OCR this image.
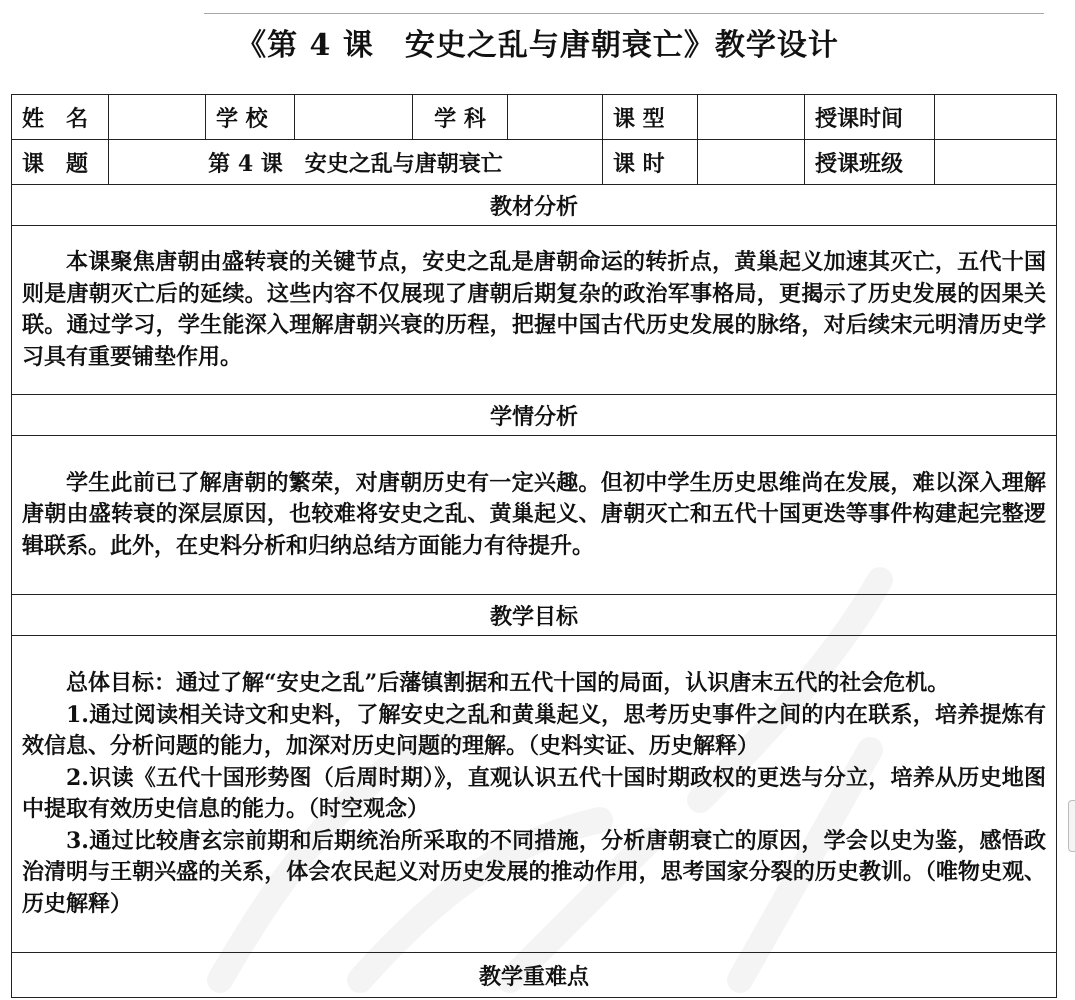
《第 4 课　安史之乱与唐朝衰亡》教学设计
姓　名		学 校		学 科		课 型		授课时间	
课　题	第 4 课　安史之乱与唐朝衰亡					课 时		授课班级	
教材分析									

本课聚焦唐朝由盛转衰的关键节点，安史之乱是唐朝命运的转折点，黄巢起义加速其灭亡，五代十国则是唐朝灭亡后的延续。这些内容不仅展现了唐朝后期复杂的政治军事格局，更揭示了历史发展的因果关联。通过学习，学生能深入理解唐朝兴衰的历程，把握中国古代历史发展的脉络，对后续宋元明清历史学习具有重要铺垫作用。									

学情分析									

学生此前已了解唐朝的繁荣，对唐朝历史有一定兴趣。但初中学生历史思维尚在发展，难以深入理解唐朝由盛转衰的深层原因，也较难将安史之乱、黄巢起义、唐朝灭亡和五代十国更迭等事件构建起完整逻辑联系。此外，在史料分析和归纳总结方面能力有待提升。									

教学目标									

总体目标：通过了解“安史之乱”后藩镇割据和五代十国的局面，认识唐末五代的社会危机。

1.通过阅读相关诗文和史料，了解安史之乱和黄巢起义，思考历史事件之间的内在联系，培养提炼有效信息、分析问题的能力，加深对历史问题的理解。（史料实证、历史解释）

2.识读《五代十国形势图（后周时期）》，直观认识五代十国时期政权的更迭与分立，培养从历史地图中提取有效历史信息的能力。（时空观念）

3.通过比较唐玄宗前期和后期统治所采取的不同措施，分析唐朝衰亡的原因，学会以史为鉴，感悟政治清明与王朝兴盛的关系，体会农民起义对历史发展的推动作用，思考国家分裂的历史教训。（唯物史观、历史解释）									

教学重难点									
